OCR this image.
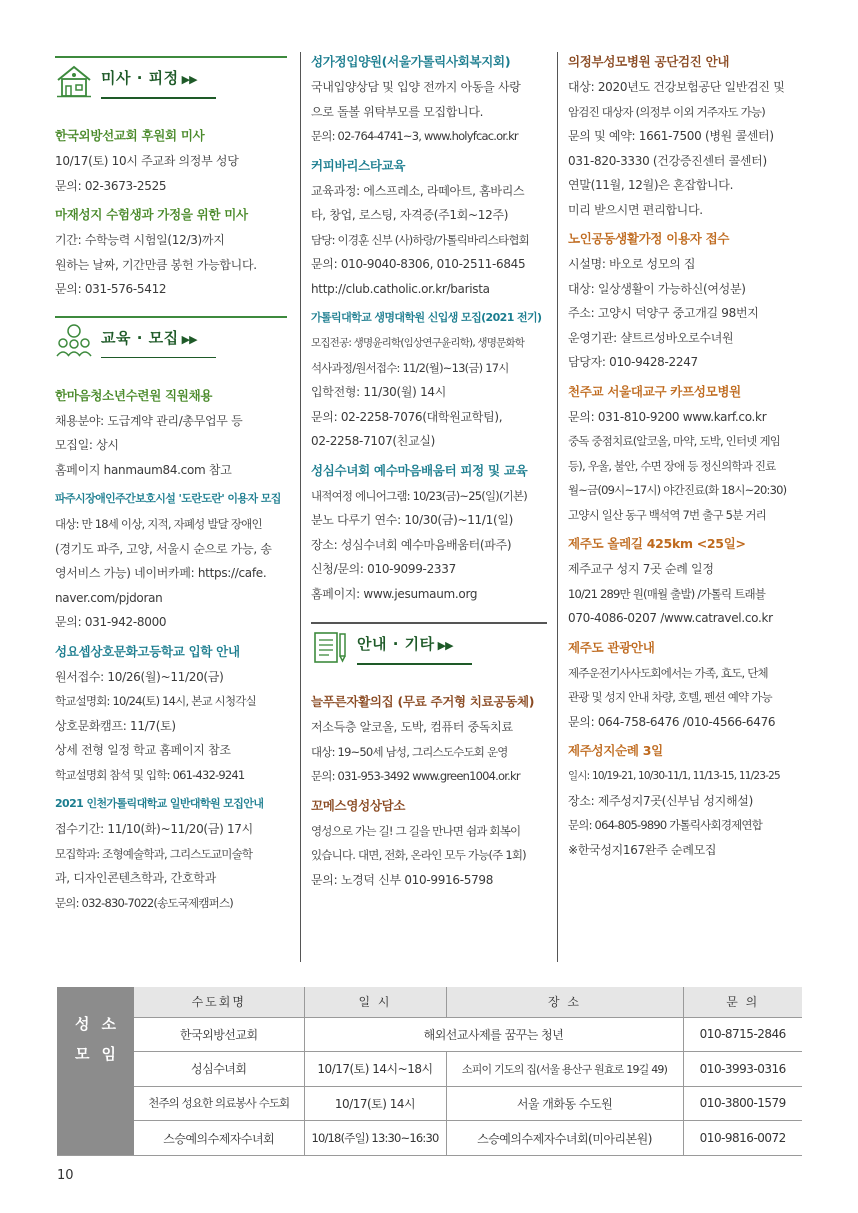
미사 · 피정 ▶▶
한국외방선교회 후원회 미사
10/17(토) 10시 주교좌 의정부 성당
문의: 02-3673-2525
마재성지 수험생과 가정을 위한 미사
기간: 수학능력 시험일(12/3)까지
원하는 날짜, 기간만큼 봉헌 가능합니다.
문의: 031-576-5412
교육 · 모집 ▶▶
한마음청소년수련원 직원채용
채용분야: 도급계약 관리/총무업무 등
모집일: 상시
홈페이지 hanmaum84.com 참고
파주시장애인주간보호시설 '도란도란' 이용자 모집
대상: 만 18세 이상, 지적, 자폐성 발달 장애인
(경기도 파주, 고양, 서울시 순으로 가능, 송
영서비스 가능) 네이버카페: https://cafe.
naver.com/pjdoran
문의: 031-942-8000
성요셉상호문화고등학교 입학 안내
원서접수: 10/26(월)~11/20(금)
학교설명회: 10/24(토) 14시, 본교 시청각실
상호문화캠프: 11/7(토)
상세 전형 일정 학교 홈페이지 참조
학교설명회 참석 및 입학: 061-432-9241
2021 인천가톨릭대학교 일반대학원 모집안내
접수기간: 11/10(화)~11/20(금) 17시
모집학과: 조형예술학과, 그리스도교미술학
과, 디자인콘텐츠학과, 간호학과
문의: 032-830-7022(송도국제캠퍼스)
성가정입양원(서울가톨릭사회복지회)
국내입양상담 및 입양 전까지 아동을 사랑
으로 돌볼 위탁부모를 모집합니다.
문의: 02-764-4741~3, www.holyfcac.or.kr
커피바리스타교육
교육과정: 에스프레소, 라떼아트, 홈바리스
타, 창업, 로스팅, 자격증(주1회~12주)
담당: 이경훈 신부 (사)하랑/가톨릭바리스타협회
문의: 010-9040-8306, 010-2511-6845
http://club.catholic.or.kr/barista
가톨릭대학교 생명대학원 신입생 모집(2021 전기)
모집전공: 생명윤리학(임상연구윤리학), 생명문화학
석사과정/원서접수: 11/2(월)~13(금) 17시
입학전형: 11/30(월) 14시
문의: 02-2258-7076(대학원교학팀),
02-2258-7107(친교실)
성심수녀회 예수마음배움터 피정 및 교육
내적여정 에니어그램: 10/23(금)~25(일)(기본)
분노 다루기 연수: 10/30(금)~11/1(일)
장소: 성심수녀회 예수마음배움터(파주)
신청/문의: 010-9099-2337
홈페이지: www.jesumaum.org
안내 · 기타 ▶▶
늘푸른자활의집 (무료 주거형 치료공동체)
저소득층 알코올, 도박, 컴퓨터 중독치료
대상: 19~50세 남성, 그리스도수도회 운영
문의: 031-953-3492 www.green1004.or.kr
꼬메스영성상담소
영성으로 가는 길! 그 길을 만나면 쉼과 회복이
있습니다. 대면, 전화, 온라인 모두 가능(주 1회)
문의: 노경덕 신부 010-9916-5798
의정부성모병원 공단검진 안내
대상: 2020년도 건강보험공단 일반검진 및
암검진 대상자 (의정부 이외 거주자도 가능)
문의 및 예약: 1661-7500 (병원 콜센터)
031-820-3330 (건강증진센터 콜센터)
연말(11월, 12월)은 혼잡합니다.
미리 받으시면 편리합니다.
노인공동생활가정 이용자 접수
시설명: 바오로 성모의 집
대상: 일상생활이 가능하신(여성분)
주소: 고양시 덕양구 중고개길 98번지
운영기관: 샬트르성바오로수녀원
담당자: 010-9428-2247
천주교 서울대교구 카프성모병원
문의: 031-810-9200 www.karf.co.kr
중독 중점치료(알코올, 마약, 도박, 인터넷 게임
등), 우울, 불안, 수면 장애 등 정신의학과 진료
월~금(09시~17시) 야간진료(화 18시~20:30)
고양시 일산 동구 백석역 7번 출구 5분 거리
제주도 올레길 425km <25일>
제주교구 성지 7곳 순례 일정
10/21 289만 원(매월 출발) /가톨릭 트래블
070-4086-0207 /www.catravel.co.kr
제주도 관광안내
제주운전기사사도회에서는 가족, 효도, 단체
관광 및 성지 안내 차량, 호텔, 펜션 예약 가능
문의: 064-758-6476 /010-4566-6476
제주성지순례 3일
일시: 10/19-21, 10/30-11/1, 11/13-15, 11/23-25
장소: 제주성지7곳(신부님 성지해설)
문의: 064-805-9890 가톨릭사회경제연합
※한국성지167완주 순례모집
성소
모임
수도회명	일 시	장 소	문 의
한국외방선교회	해외선교사제를 꿈꾸는 청년		010-8715-2846
성심수녀회	10/17(토) 14시~18시	소피이 기도의 집(서울 용산구 원효로 19길 49)	010-3993-0316
천주의 성요한 의료봉사 수도회	10/17(토) 14시	서울 개화동 수도원	010-3800-1579
스승예의수제자수녀회	10/18(주일) 13:30~16:30	스승예의수제자수녀회(미아리본원)	010-9816-0072
10
